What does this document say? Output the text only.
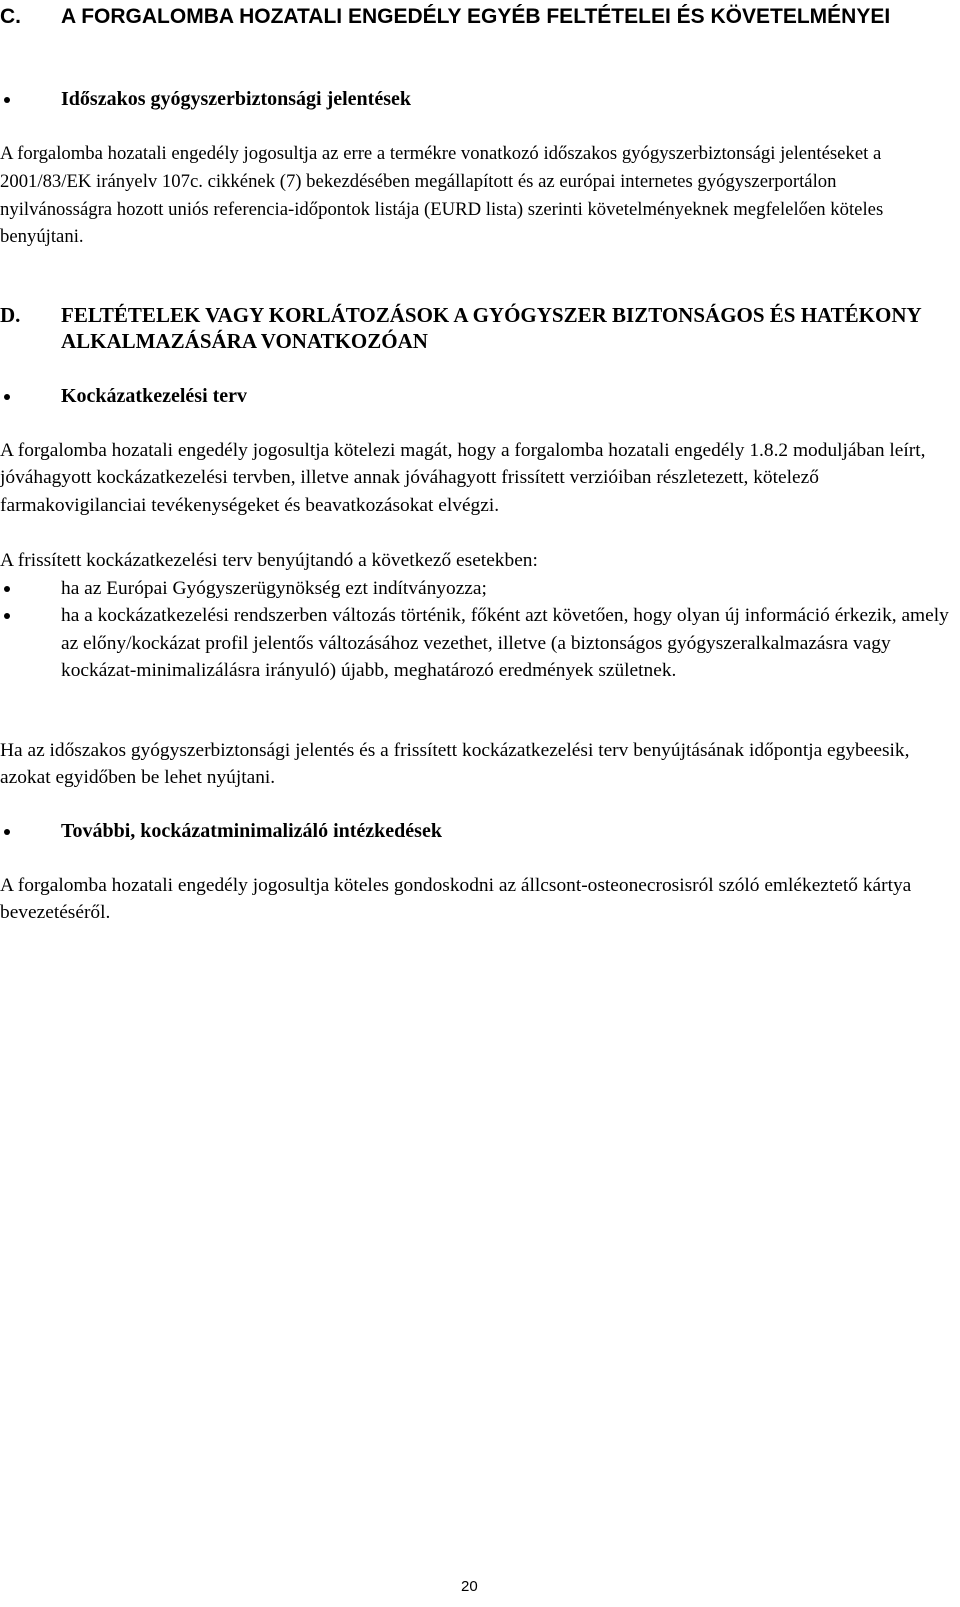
C.	A FORGALOMBA HOZATALI ENGEDÉLY EGYÉB FELTÉTELEI ÉS KÖVETELMÉNYEI
Időszakos gyógyszerbiztonsági jelentések
A forgalomba hozatali engedély jogosultja az erre a termékre vonatkozó időszakos gyógyszerbiztonsági jelentéseket a 2001/83/EK irányelv 107c. cikkének (7) bekezdésében megállapított és az európai internetes gyógyszerportálon nyilvánosságra hozott uniós referencia-időpontok listája (EURD lista) szerinti követelményeknek megfelelően köteles benyújtani.
D.	FELTÉTELEK VAGY KORLÁTOZÁSOK A GYÓGYSZER BIZTONSÁGOS ÉS HATÉKONY ALKALMAZÁSÁRA VONATKOZÓAN
Kockázatkezelési terv
A forgalomba hozatali engedély jogosultja kötelezi magát, hogy a forgalomba hozatali engedély 1.8.2 moduljában leírt, jóváhagyott kockázatkezelési tervben, illetve annak jóváhagyott frissített verzióiban részletezett, kötelező farmakovigilanciai tevékenységeket és beavatkozásokat elvégzi.
A frissített kockázatkezelési terv benyújtandó a következő esetekben:
ha az Európai Gyógyszerügynökség ezt indítványozza;
ha a kockázatkezelési rendszerben változás történik, főként azt követően, hogy olyan új információ érkezik, amely az előny/kockázat profil jelentős változásához vezethet, illetve (a biztonságos gyógyszeralkalmazásra vagy kockázat-minimalizálásra irányuló) újabb, meghatározó eredmények születnek.
Ha az időszakos gyógyszerbiztonsági jelentés és a frissített kockázatkezelési terv benyújtásának időpontja egybeesik, azokat egyidőben be lehet nyújtani.
További, kockázatminimalizáló intézkedések
A forgalomba hozatali engedély jogosultja köteles gondoskodni az állcsont-osteonecrosisról szóló emlékeztető kártya bevezetéséről.
20
